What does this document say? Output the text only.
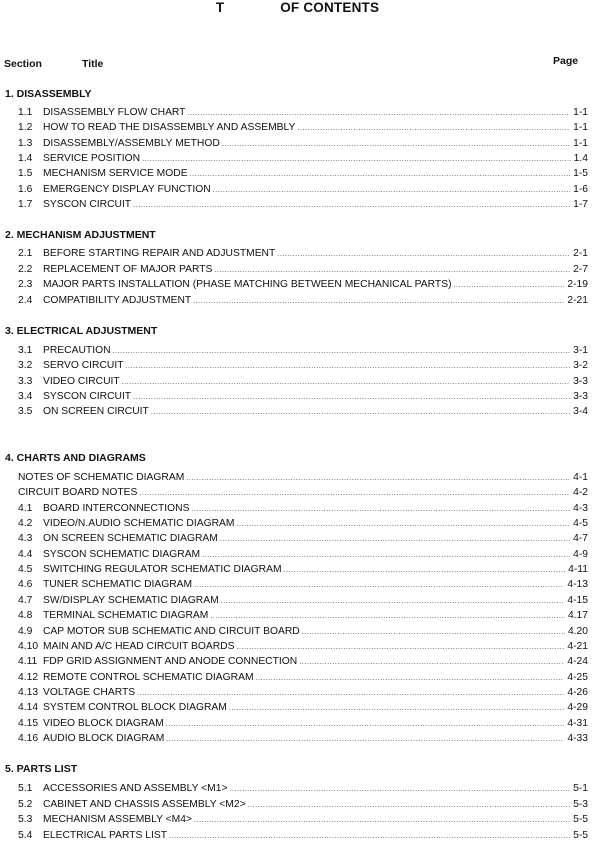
T	OF CONTENTS
Section	Title	Page
1. DISASSEMBLY
1.1	DISASSEMBLY FLOW CHART .....	1-1
1.2	HOW TO READ THE DISASSEMBLY AND ASSEMBLY .....	1-1
1.3	DISASSEMBLY/ASSEMBLY METHOD .....	1-1
1.4	SERVICE POSITION .....	1.4
1.5	MECHANISM SERVICE MODE .....	1-5
1.6	EMERGENCY DISPLAY FUNCTION .....	1-6
1.7	SYSCON CIRCUIT .....	1-7
2. MECHANISM ADJUSTMENT
2.1	BEFORE STARTING REPAIR AND ADJUSTMENT .....	2-1
2.2	REPLACEMENT OF MAJOR PARTS .....	2-7
2.3	MAJOR PARTS INSTALLATION (PHASE MATCHING BETWEEN MECHANICAL PARTS) .....	2-19
2.4	COMPATIBILITY ADJUSTMENT .....	2-21
3. ELECTRICAL ADJUSTMENT
3.1	PRECAUTION .....	3-1
3.2	SERVO CIRCUIT .....	3-2
3.3	VIDEO CIRCUIT .....	3-3
3.4	SYSCON CIRCUIT .....	3-3
3.5	ON SCREEN CIRCUIT .....	3-4
4. CHARTS AND DIAGRAMS
NOTES OF SCHEMATIC DIAGRAM .....	4-1
CIRCUIT BOARD NOTES .....	4-2
4.1	BOARD INTERCONNECTIONS .....	4-3
4.2	VIDEO/N.AUDIO SCHEMATIC DIAGRAM .....	4-5
4.3	ON SCREEN SCHEMATIC DIAGRAM .....	4-7
4.4	SYSCON SCHEMATIC DIAGRAM .....	4-9
4.5	SWITCHING REGULATOR SCHEMATIC DIAGRAM .....	4-11
4.6	TUNER SCHEMATIC DIAGRAM .....	4-13
4.7	SW/DISPLAY SCHEMATIC DIAGRAM .....	4-15
4.8	TERMINAL SCHEMATIC DIAGRAM .....	4.17
4.9	CAP MOTOR SUB SCHEMATIC AND CIRCUIT BOARD .....	4.20
4.10 MAIN AND A/C HEAD CIRCUIT BOARDS .....	4-21
4.11 FDP GRID ASSIGNMENT AND ANODE CONNECTION .....	4-24
4.12 REMOTE CONTROL SCHEMATIC DIAGRAM .....	4-25
4.13 VOLTAGE CHARTS .....	4-26
4.14 SYSTEM CONTROL BLOCK DIAGRAM .....	4-29
4.15 VIDEO BLOCK DIAGRAM .....	4-31
4.16 AUDIO BLOCK DIAGRAM .....	4-33
5. PARTS LIST
5.1	ACCESSORIES AND ASSEMBLY <M1> .....	5-1
5.2	CABINET AND CHASSIS ASSEMBLY <M2> .....	5-3
5.3	MECHANISM ASSEMBLY <M4> .....	5-5
5.4	ELECTRICAL PARTS LIST .....	5-5
